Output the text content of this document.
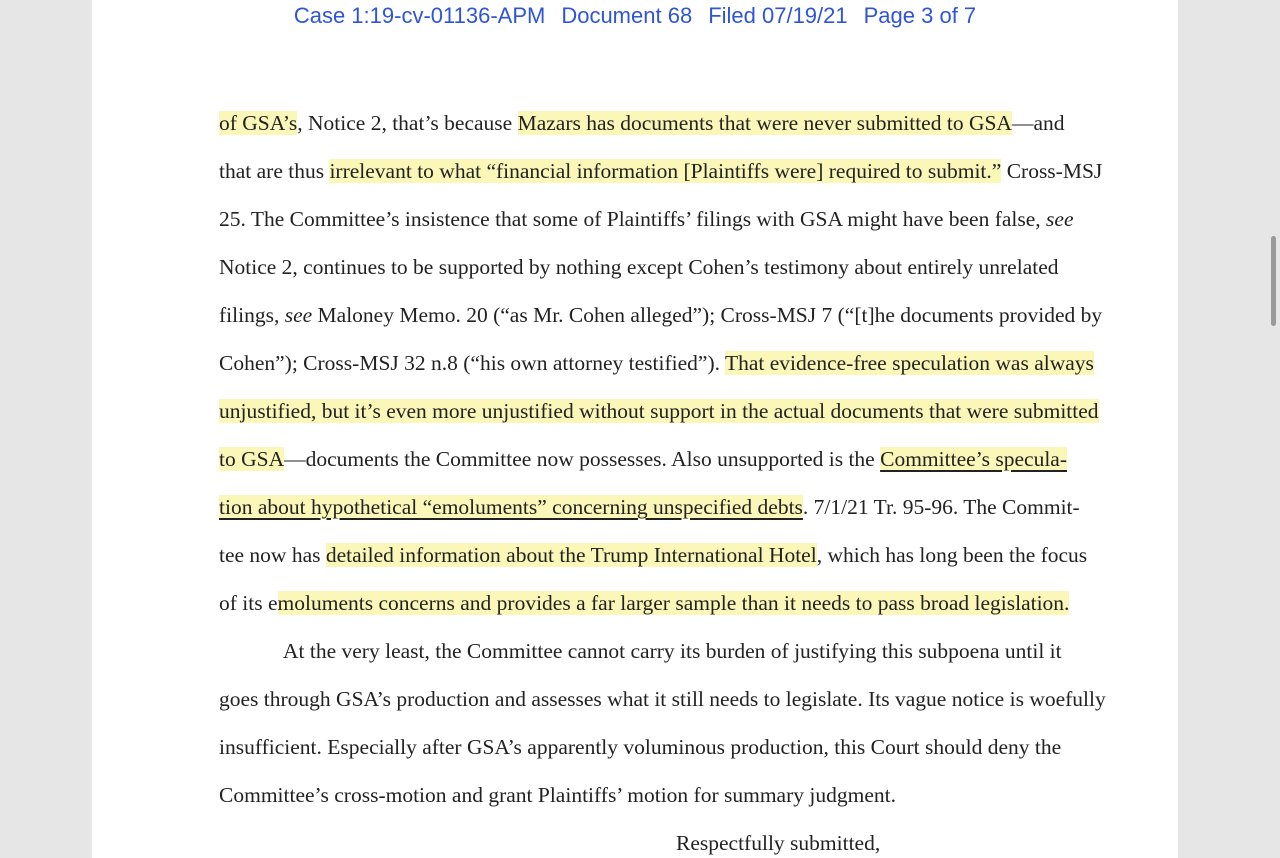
Case 1:19-cv-01136-APM Document 68 Filed 07/19/21 Page 3 of 7
of GSA’s, Notice 2, that’s because Mazars has documents that were never submitted to GSA—and
that are thus irrelevant to what “financial information [Plaintiffs were] required to submit.” Cross-MSJ
25. The Committee’s insistence that some of Plaintiffs’ filings with GSA might have been false, see
Notice 2, continues to be supported by nothing except Cohen’s testimony about entirely unrelated
filings, see Maloney Memo. 20 (“as Mr. Cohen alleged”); Cross-MSJ 7 (“[t]he documents provided by
Cohen”); Cross-MSJ 32 n.8 (“his own attorney testified”). That evidence-free speculation was always
unjustified, but it’s even more unjustified without support in the actual documents that were submitted
to GSA—documents the Committee now possesses. Also unsupported is the Committee’s specula-
tion about hypothetical “emoluments” concerning unspecified debts. 7/1/21 Tr. 95-96. The Commit-
tee now has detailed information about the Trump International Hotel, which has long been the focus
of its emoluments concerns and provides a far larger sample than it needs to pass broad legislation.
At the very least, the Committee cannot carry its burden of justifying this subpoena until it
goes through GSA’s production and assesses what it still needs to legislate. Its vague notice is woefully
insufficient. Especially after GSA’s apparently voluminous production, this Court should deny the
Committee’s cross-motion and grant Plaintiffs’ motion for summary judgment.
Respectfully submitted,
